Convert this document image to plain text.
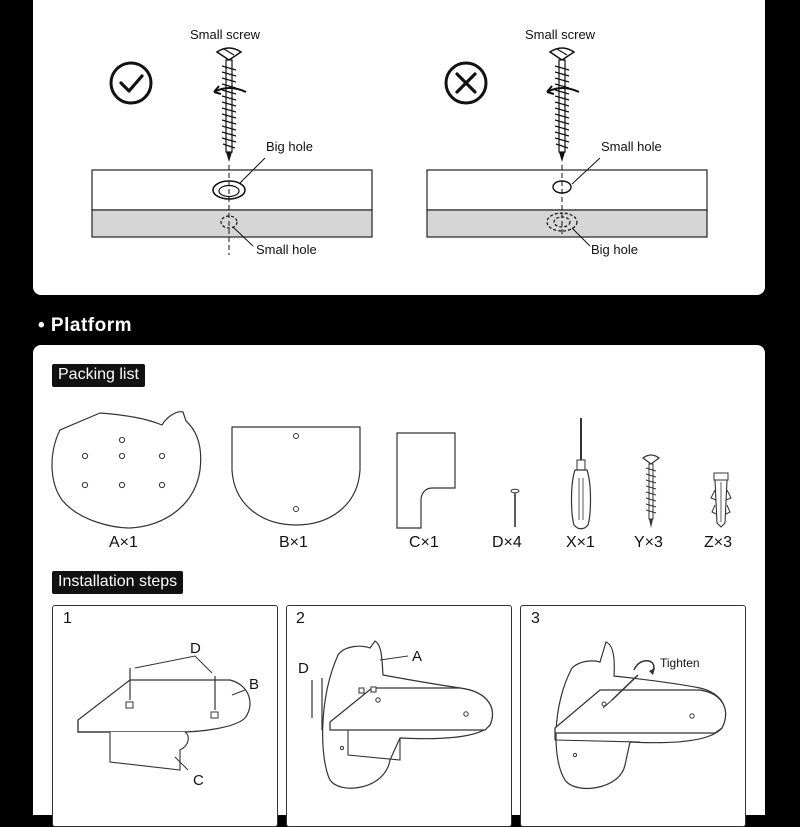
Small screw
Big hole
Small hole
Small screw
Small hole
Big hole
• Platform
Packing list
A×1	B×1	C×1	D×4	X×1 Y×3	Z×3
Installation steps
1	2	3
D
B
C
D
A	Tighten
